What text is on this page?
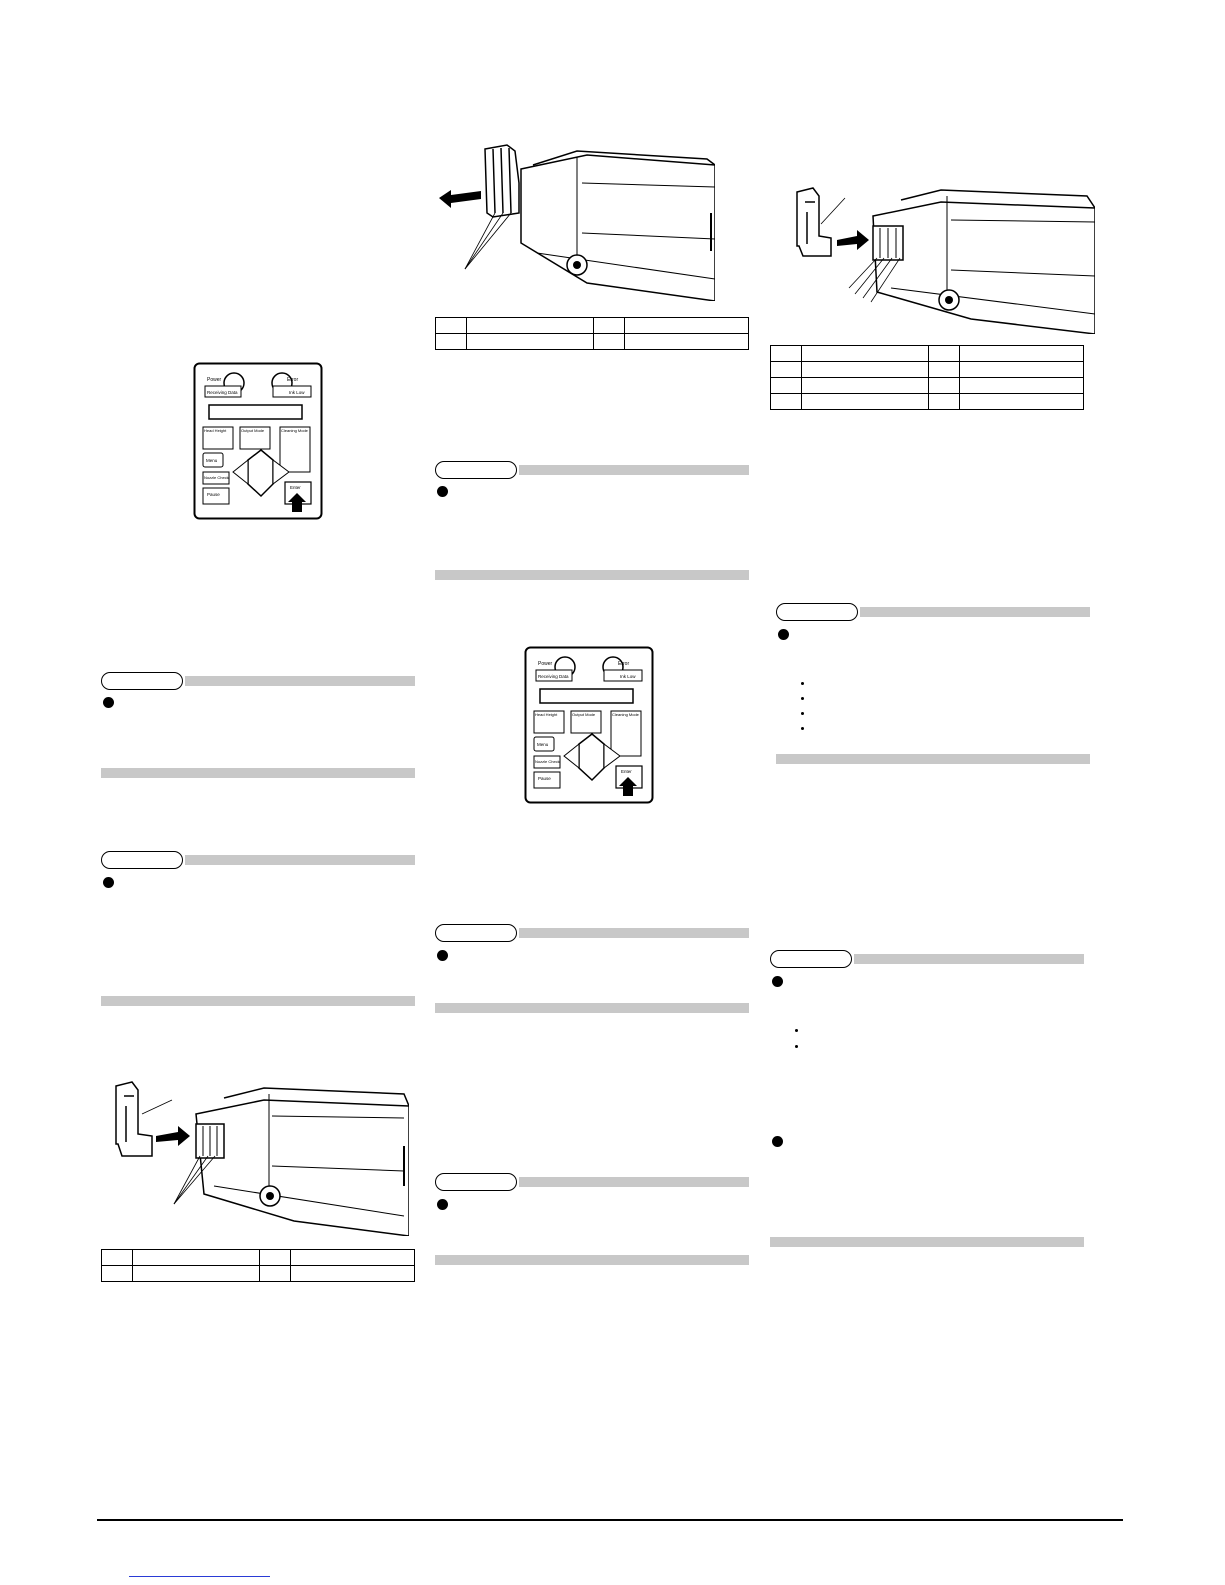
Power
Receiving Data
Error
Ink Low
Head Height	Output Mode	Cleaning Mode
Menu
Nozzle Check
Pause
Enter

Power
Receiving Data
Error
Ink Low
Head Height	Output Mode	Cleaning Mode
Menu
Nozzle Check
Pause
Enter
